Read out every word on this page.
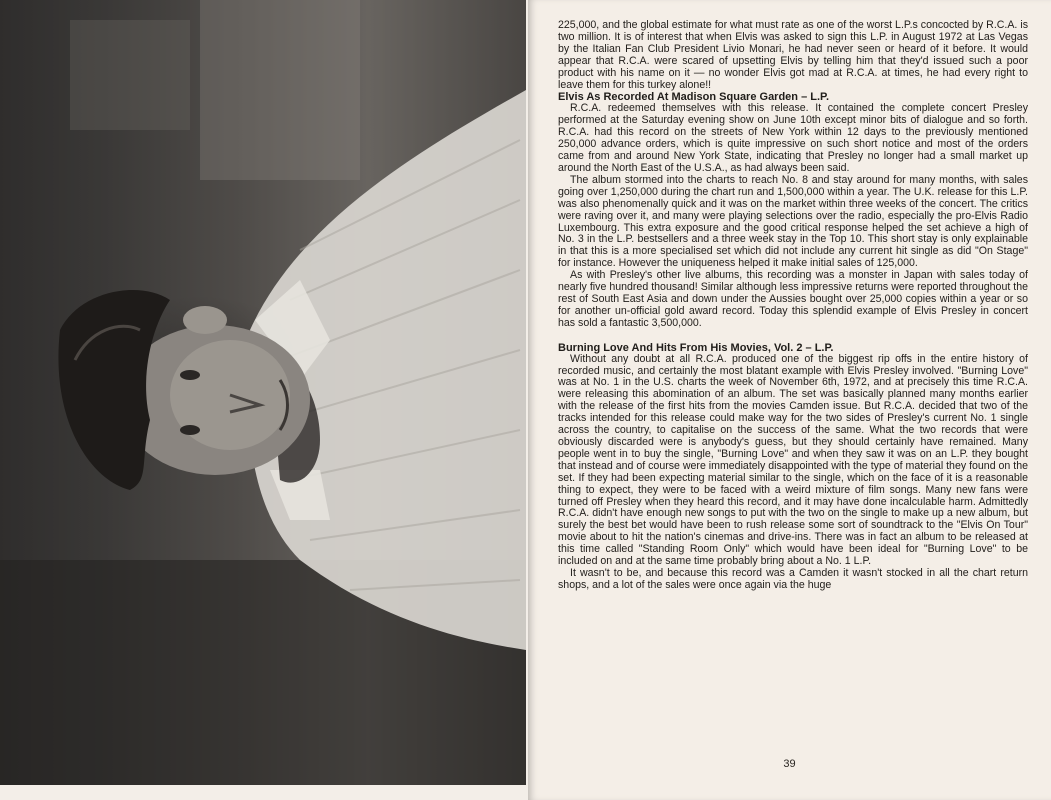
225,000, and the global estimate for what must rate as one of the worst L.P.s concocted by R.C.A. is two million. It is of interest that when Elvis was asked to sign this L.P. in August 1972 at Las Vegas by the Italian Fan Club President Livio Monari, he had never seen or heard of it before. It would appear that R.C.A. were scared of upsetting Elvis by telling him that they'd issued such a poor product with his name on it — no wonder Elvis got mad at R.C.A. at times, he had every right to leave them for this turkey alone!!

Elvis As Recorded At Madison Square Garden – L.P.

R.C.A. redeemed themselves with this release. It contained the complete concert Presley performed at the Saturday evening show on June 10th except minor bits of dialogue and so forth. R.C.A. had this record on the streets of New York within 12 days to the previously mentioned 250,000 advance orders, which is quite impressive on such short notice and most of the orders came from and around New York State, indicating that Presley no longer had a small market up around the North East of the U.S.A., as had always been said.

The album stormed into the charts to reach No. 8 and stay around for many months, with sales going over 1,250,000 during the chart run and 1,500,000 within a year. The U.K. release for this L.P. was also phenomenally quick and it was on the market within three weeks of the concert. The critics were raving over it, and many were playing selections over the radio, especially the pro-Elvis Radio Luxembourg. This extra exposure and the good critical response helped the set achieve a high of No. 3 in the L.P. bestsellers and a three week stay in the Top 10. This short stay is only explainable in that this is a more specialised set which did not include any current hit single as did "On Stage" for instance. However the uniqueness helped it make initial sales of 125,000.

As with Presley's other live albums, this recording was a monster in Japan with sales today of nearly five hundred thousand! Similar although less impressive returns were reported throughout the rest of South East Asia and down under the Aussies bought over 25,000 copies within a year or so for another un-official gold award record. Today this splendid example of Elvis Presley in concert has sold a fantastic 3,500,000.

Burning Love And Hits From His Movies, Vol. 2 – L.P.

Without any doubt at all R.C.A. produced one of the biggest rip offs in the entire history of recorded music, and certainly the most blatant example with Elvis Presley involved. "Burning Love" was at No. 1 in the U.S. charts the week of November 6th, 1972, and at precisely this time R.C.A. were releasing this abomination of an album. The set was basically planned many months earlier with the release of the first hits from the movies Camden issue. But R.C.A. decided that two of the tracks intended for this release could make way for the two sides of Presley's current No. 1 single across the country, to capitalise on the success of the same. What the two records that were obviously discarded were is anybody's guess, but they should certainly have remained. Many people went in to buy the single, "Burning Love" and when they saw it was on an L.P. they bought that instead and of course were immediately disappointed with the type of material they found on the set. If they had been expecting material similar to the single, which on the face of it is a reasonable thing to expect, they were to be faced with a weird mixture of film songs. Many new fans were turned off Presley when they heard this record, and it may have done incalculable harm. Admittedly R.C.A. didn't have enough new songs to put with the two on the single to make up a new album, but surely the best bet would have been to rush release some sort of soundtrack to the "Elvis On Tour" movie about to hit the nation's cinemas and drive-ins. There was in fact an album to be released at this time called "Standing Room Only" which would have been ideal for "Burning Love" to be included on and at the same time probably bring about a No. 1 L.P.

It wasn't to be, and because this record was a Camden it wasn't stocked in all the chart return shops, and a lot of the sales were once again via the huge

39
